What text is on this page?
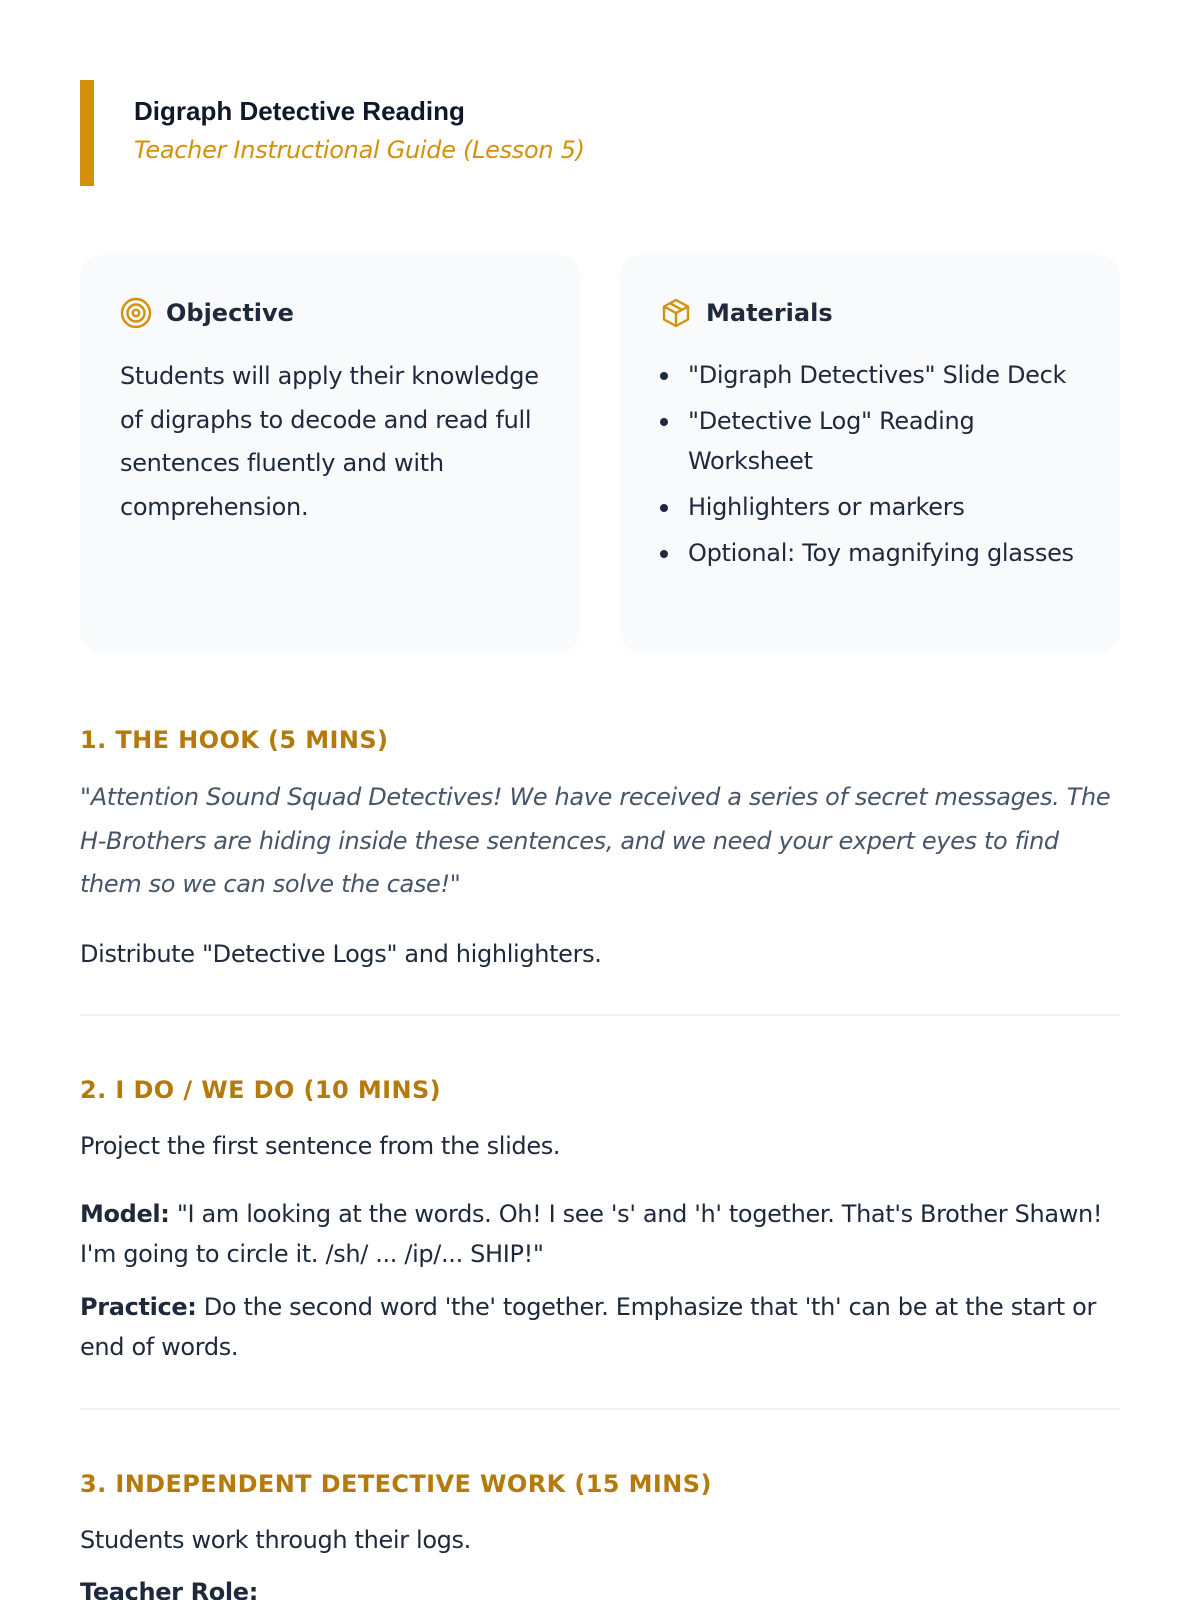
Digraph Detective Reading
Teacher Instructional Guide (Lesson 5)
Objective
Students will apply their knowledge of digraphs to decode and read full sentences fluently and with comprehension.
Materials
"Digraph Detectives" Slide Deck
"Detective Log" Reading Worksheet
Highlighters or markers
Optional: Toy magnifying glasses
1. THE HOOK (5 MINS)
"Attention Sound Squad Detectives! We have received a series of secret messages. The H-Brothers are hiding inside these sentences, and we need your expert eyes to find them so we can solve the case!"
Distribute "Detective Logs" and highlighters.
2. I DO / WE DO (10 MINS)
Project the first sentence from the slides.
Model: "I am looking at the words. Oh! I see 's' and 'h' together. That's Brother Shawn! I'm going to circle it. /sh/ ... /ip/... SHIP!"
Practice: Do the second word 'the' together. Emphasize that 'th' can be at the start or end of words.
3. INDEPENDENT DETECTIVE WORK (15 MINS)
Students work through their logs.
Teacher Role:
